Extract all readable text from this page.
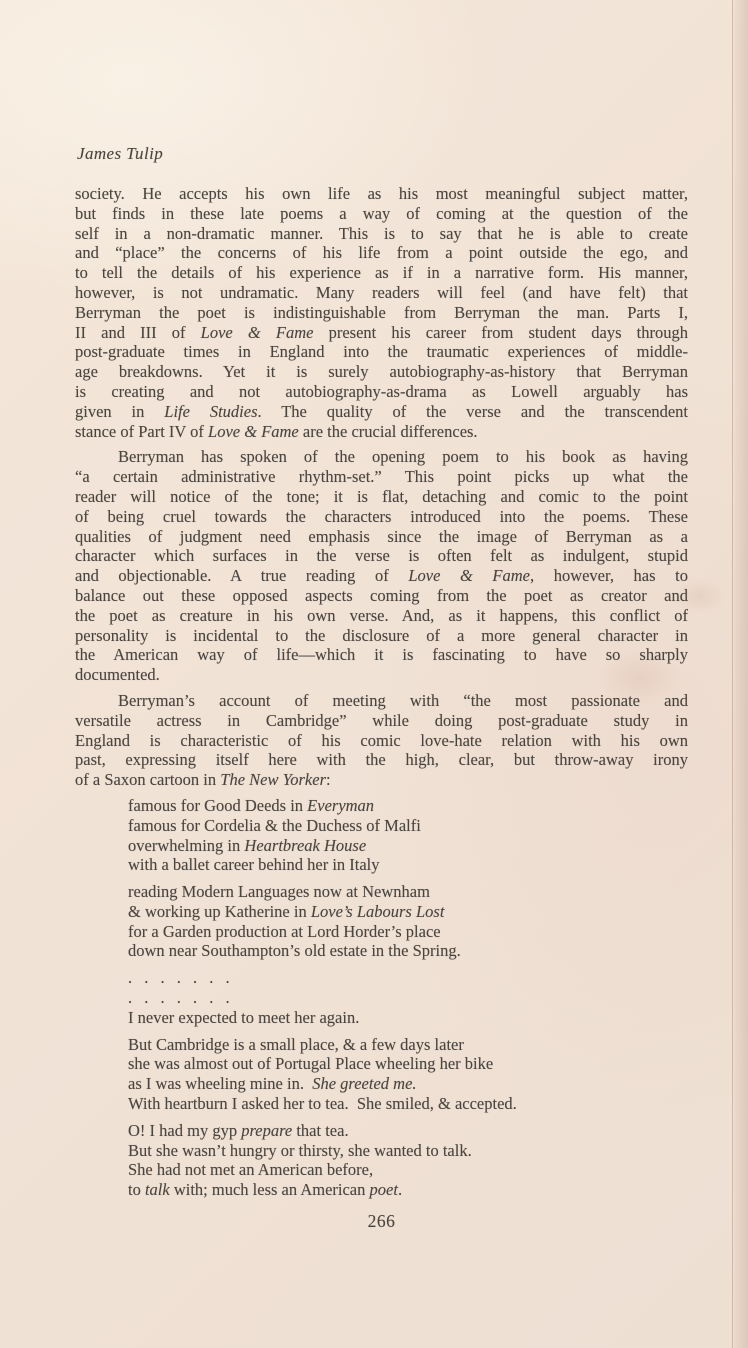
James Tulip
society. He accepts his own life as his most meaningful subject matter,
but finds in these late poems a way of coming at the question of the
self in a non-dramatic manner. This is to say that he is able to create
and “place” the concerns of his life from a point outside the ego, and
to tell the details of his experience as if in a narrative form. His manner,
however, is not undramatic. Many readers will feel (and have felt) that
Berryman the poet is indistinguishable from Berryman the man. Parts I,
II and III of Love & Fame present his career from student days through
post-graduate times in England into the traumatic experiences of middle-
age breakdowns. Yet it is surely autobiography-as-history that Berryman
is creating and not autobiography-as-drama as Lowell arguably has
given in Life Studies. The quality of the verse and the transcendent
stance of Part IV of Love & Fame are the crucial differences.
Berryman has spoken of the opening poem to his book as having
“a certain administrative rhythm-set.” This point picks up what the
reader will notice of the tone; it is flat, detaching and comic to the point
of being cruel towards the characters introduced into the poems. These
qualities of judgment need emphasis since the image of Berryman as a
character which surfaces in the verse is often felt as indulgent, stupid
and objectionable. A true reading of Love & Fame, however, has to
balance out these opposed aspects coming from the poet as creator and
the poet as creature in his own verse. And, as it happens, this conflict of
personality is incidental to the disclosure of a more general character in
the American way of life—which it is fascinating to have so sharply
documented.
Berryman’s account of meeting with “the most passionate and
versatile actress in Cambridge” while doing post-graduate study in
England is characteristic of his comic love-hate relation with his own
past, expressing itself here with the high, clear, but throw-away irony
of a Saxon cartoon in The New Yorker:
famous for Good Deeds in Everyman
famous for Cordelia & the Duchess of Malfi
overwhelming in Heartbreak House
with a ballet career behind her in Italy
reading Modern Languages now at Newnham
& working up Katherine in Love’s Labours Lost
for a Garden production at Lord Horder’s place
down near Southampton’s old estate in the Spring.
. . . . . . .
. . . . . . .
I never expected to meet her again.
But Cambridge is a small place, & a few days later
she was almost out of Portugal Place wheeling her bike
as I was wheeling mine in.  She greeted me.
With heartburn I asked her to tea.  She smiled, & accepted.
O! I had my gyp prepare that tea.
But she wasn’t hungry or thirsty, she wanted to talk.
She had not met an American before,
to talk with; much less an American poet.
266
